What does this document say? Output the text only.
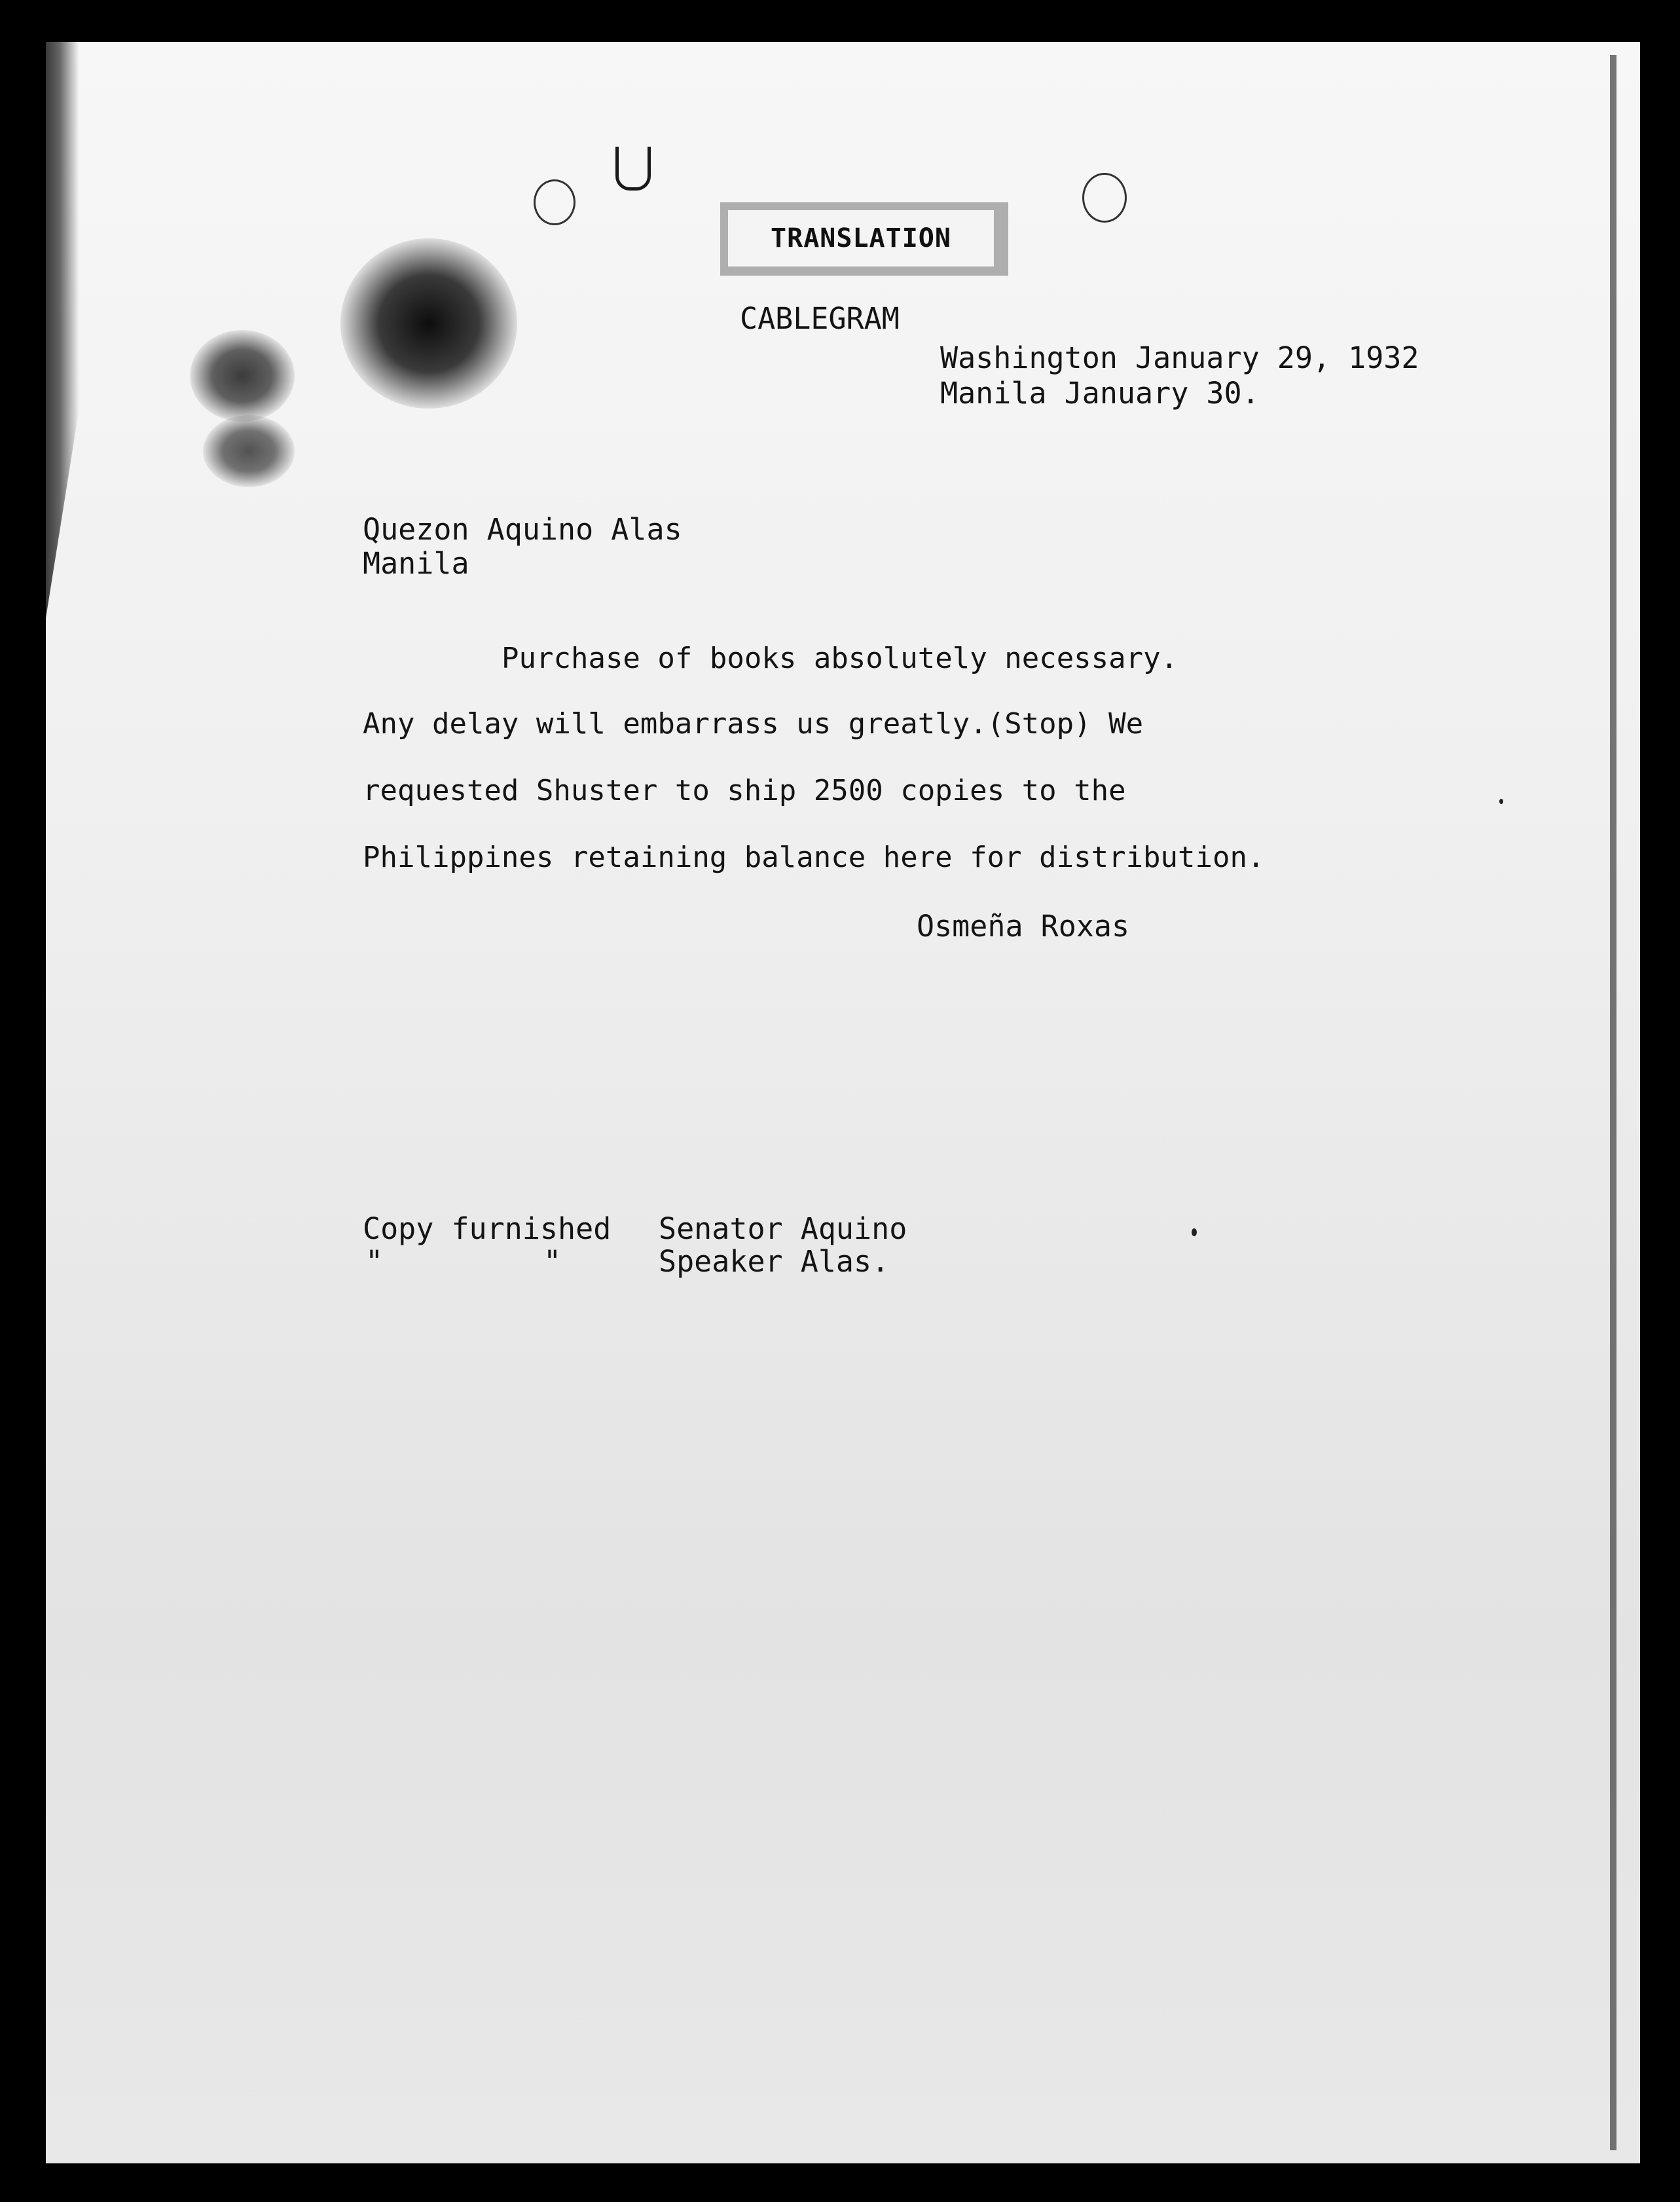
TRANSLATION
CABLEGRAM
Washington January 29, 1932
Manila January 30.
Quezon Aquino Alas
Manila
Purchase of books absolutely necessary.
Any delay will embarrass us greatly.(Stop) We
requested Shuster to ship 2500 copies to the
Philippines retaining balance here for distribution.
Osmeña Roxas
Copy furnished Senator Aquino
"	"	Speaker Alas.
